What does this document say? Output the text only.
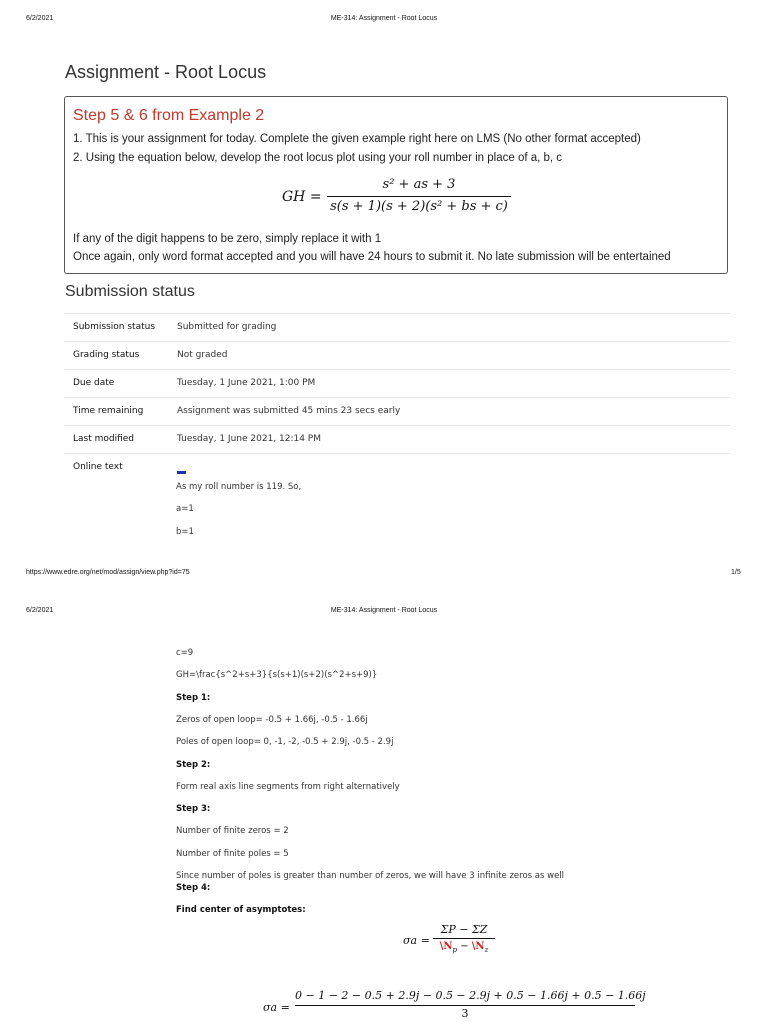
6/2/2021	ME-314: Assignment - Root Locus
Assignment - Root Locus
Step 5 & 6 from Example 2
1. This is your assignment for today. Complete the given example right here on LMS (No other format accepted)
2. Using the equation below, develop the root locus plot using your roll number in place of a, b, c
GH =
s² + as + 3
s(s + 1)(s + 2)(s² + bs + c)
If any of the digit happens to be zero, simply replace it with 1
Once again, only word format accepted and you will have 24 hours to submit it. No late submission will be entertained
Submission status
Submission status	Submitted for grading
Grading status	Not graded
Due date	Tuesday, 1 June 2021, 1:00 PM
Time remaining	Assignment was submitted 45 mins 23 secs early
Last modified	Tuesday, 1 June 2021, 12:14 PM
Online text	
As my roll number is 119. So,
a=1
b=1
https://www.edre.org/net/mod/assign/view.php?id=75	1/5
6/2/2021	ME-314: Assignment - Root Locus
c=9
GH=\frac{s^2+s+3}{s(s+1)(s+2)(s^2+s+9)}
Step 1:
Zeros of open loop= -0.5 + 1.66j, -0.5 - 1.66j
Poles of open loop= 0, -1, -2, -0.5 + 2.9j, -0.5 - 2.9j
Step 2:
Form real axis line segments from right alternatively
Step 3:
Number of finite zeros = 2
Number of finite poles = 5
Since number of poles is greater than number of zeros, we will have 3 infinite zeros as well
Step 4:
Find center of asymptotes:
σa =
ΣP − ΣZ
$\backslash N_p$ − $\backslash N_z$
σa =
0 − 1 − 2 − 0.5 + 2.9j − 0.5 − 2.9j + 0.5 − 1.66j + 0.5 − 1.66j
3
